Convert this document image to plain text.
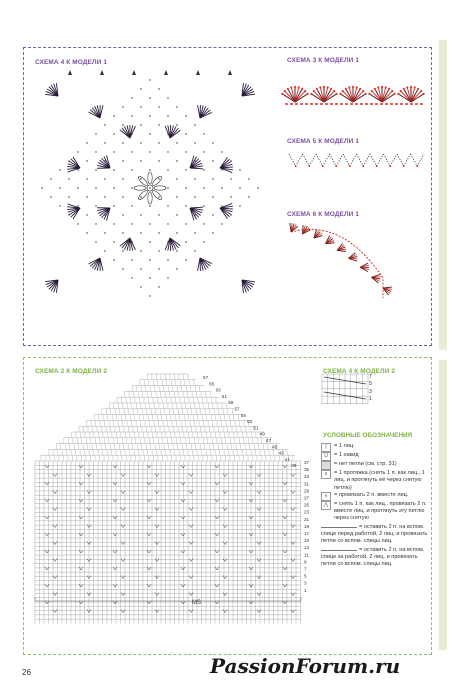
СХЕМА 4 К МОДЕЛИ 1	СХЕМА 3 К МОДЕЛИ 1
СХЕМА 5 К МОДЕЛИ 1
СХЕМА 6 К МОДЕЛИ 1
СХЕМА 2 К МОДЕЛИ 2	СХЕМА 4 К МОДЕЛИ 2
37
35
33
31
29
27
25
23
21
19
17
15
13
11
9
7
5
3
1
67
65
63
61
59
57
55
53
51
49
47
45
43
41
39
MS
7
5
3
1
УСЛОВНЫЕ ОБОЗНАЧЕНИЯ
|	= 1 лиц.
U	= 1 накид
= нет петли (см. стр. 31)
∧	= 1 протяжка (снять 1 п. как лиц., 1 лиц. и протянуть её через снятую петлю)
∨	= провязать 2 п. вместе лиц.
⋀	= снять 1 п. как лиц., провязать 2 п. вместе лиц. и протянуть эту петлю через снятую
= оставить 2 п. на вспом. спице перед работой, 2 лиц. и провязать петли со вспом. спицы лиц.
= оставить 2 п. на вспом. спице за работой, 2 лиц. и провязать петли со вспом. спицы лиц.
26	PassionForum.ru
